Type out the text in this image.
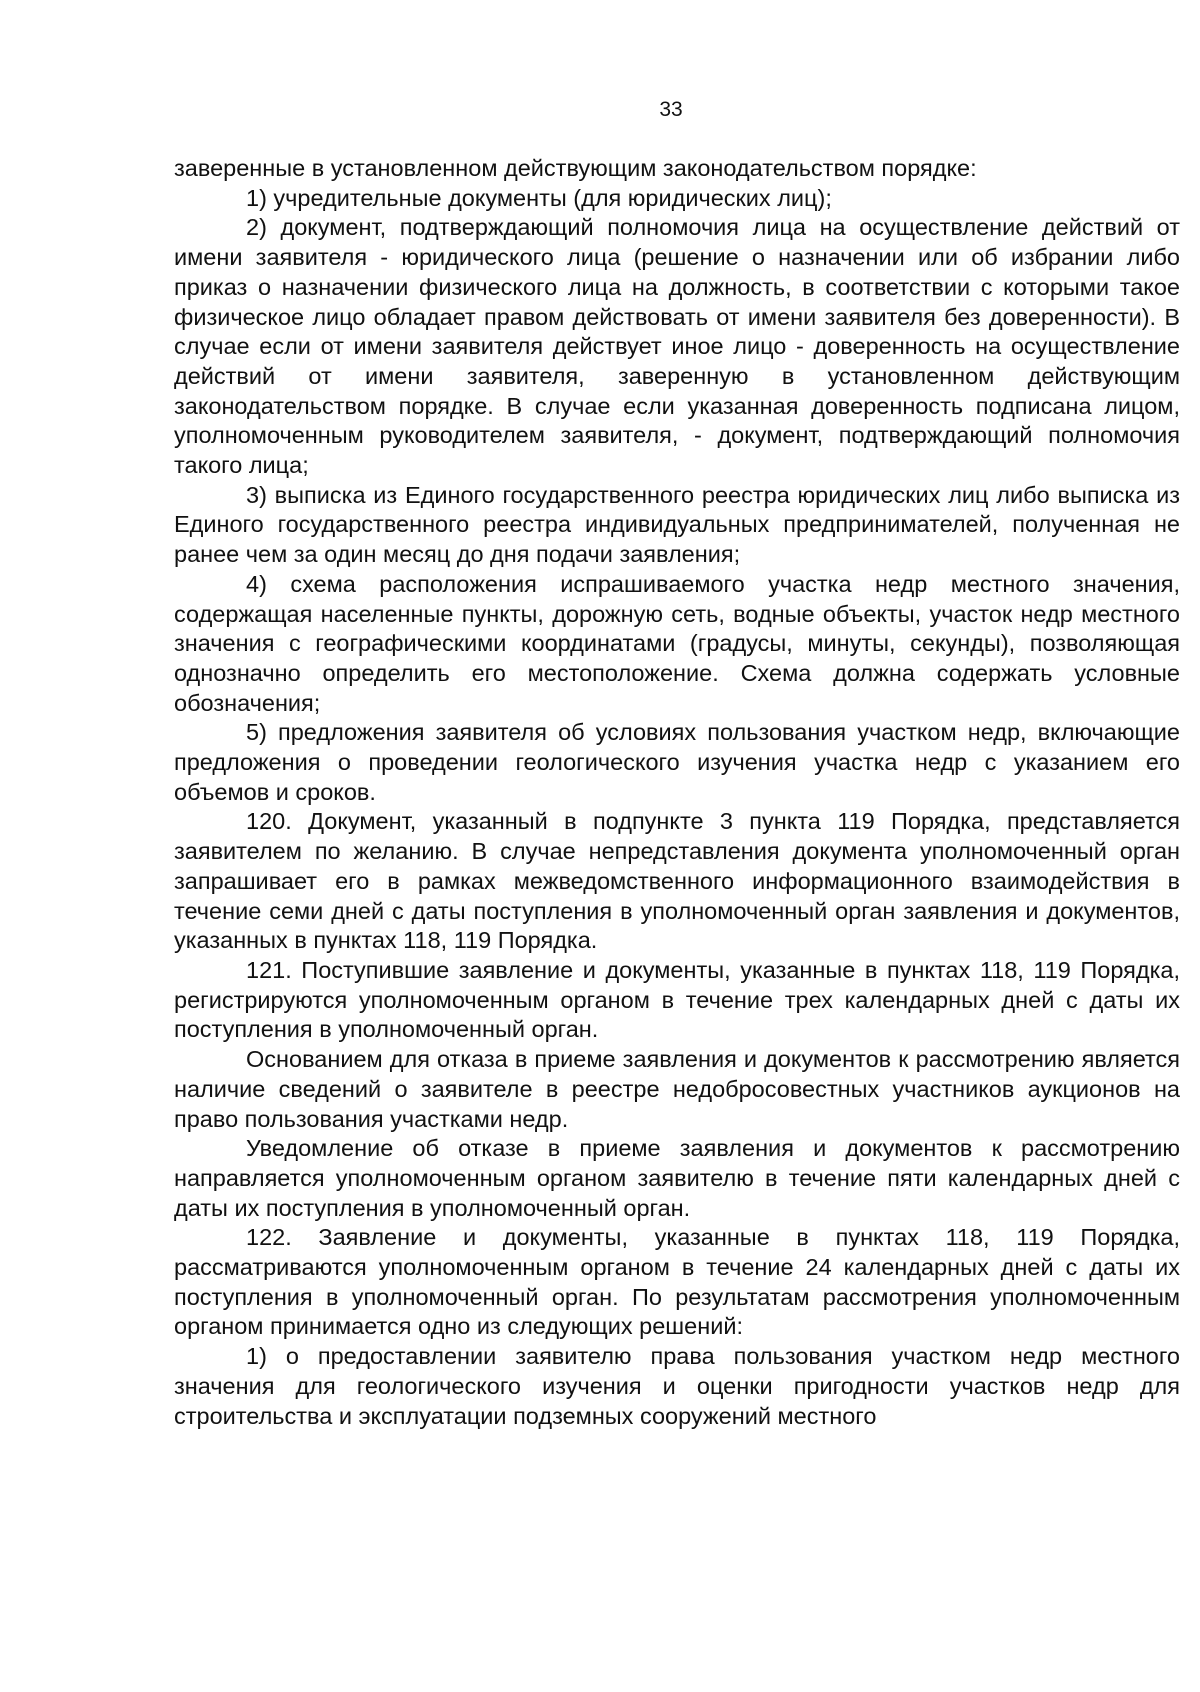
33

заверенные в установленном действующим законодательством порядке:

1) учредительные документы (для юридических лиц);

2) документ, подтверждающий полномочия лица на осуществление действий от имени заявителя - юридического лица (решение о назначении или об избрании либо приказ о назначении физического лица на должность, в соответствии с которыми такое физическое лицо обладает правом действовать от имени заявителя без доверенности). В случае если от имени заявителя действует иное лицо - доверенность на осуществление действий от имени заявителя, заверенную в установленном действующим законодательством порядке. В случае если указанная доверенность подписана лицом, уполномоченным руководителем заявителя, - документ, подтверждающий полномочия такого лица;

3) выписка из Единого государственного реестра юридических лиц либо выписка из Единого государственного реестра индивидуальных предпринимателей, полученная не ранее чем за один месяц до дня подачи заявления;

4) схема расположения испрашиваемого участка недр местного значения, содержащая населенные пункты, дорожную сеть, водные объекты, участок недр местного значения с географическими координатами (градусы, минуты, секунды), позволяющая однозначно определить его местоположение. Схема должна содержать условные обозначения;

5) предложения заявителя об условиях пользования участком недр, включающие предложения о проведении геологического изучения участка недр с указанием его объемов и сроков.

120. Документ, указанный в подпункте 3 пункта 119 Порядка, представляется заявителем по желанию. В случае непредставления документа уполномоченный орган запрашивает его в рамках межведомственного информационного взаимодействия в течение семи дней с даты поступления в уполномоченный орган заявления и документов, указанных в пунктах 118, 119 Порядка.

121. Поступившие заявление и документы, указанные в пунктах 118, 119 Порядка, регистрируются уполномоченным органом в течение трех календарных дней с даты их поступления в уполномоченный орган.

Основанием для отказа в приеме заявления и документов к рассмотрению является наличие сведений о заявителе в реестре недобросовестных участников аукционов на право пользования участками недр.

Уведомление об отказе в приеме заявления и документов к рассмотрению направляется уполномоченным органом заявителю в течение пяти календарных дней с даты их поступления в уполномоченный орган.

122. Заявление и документы, указанные в пунктах 118, 119 Порядка, рассматриваются уполномоченным органом в течение 24 календарных дней с даты их поступления в уполномоченный орган. По результатам рассмотрения уполномоченным органом принимается одно из следующих решений:

1) о предоставлении заявителю права пользования участком недр местного значения для геологического изучения и оценки пригодности участков недр для строительства и эксплуатации подземных сооружений местного
